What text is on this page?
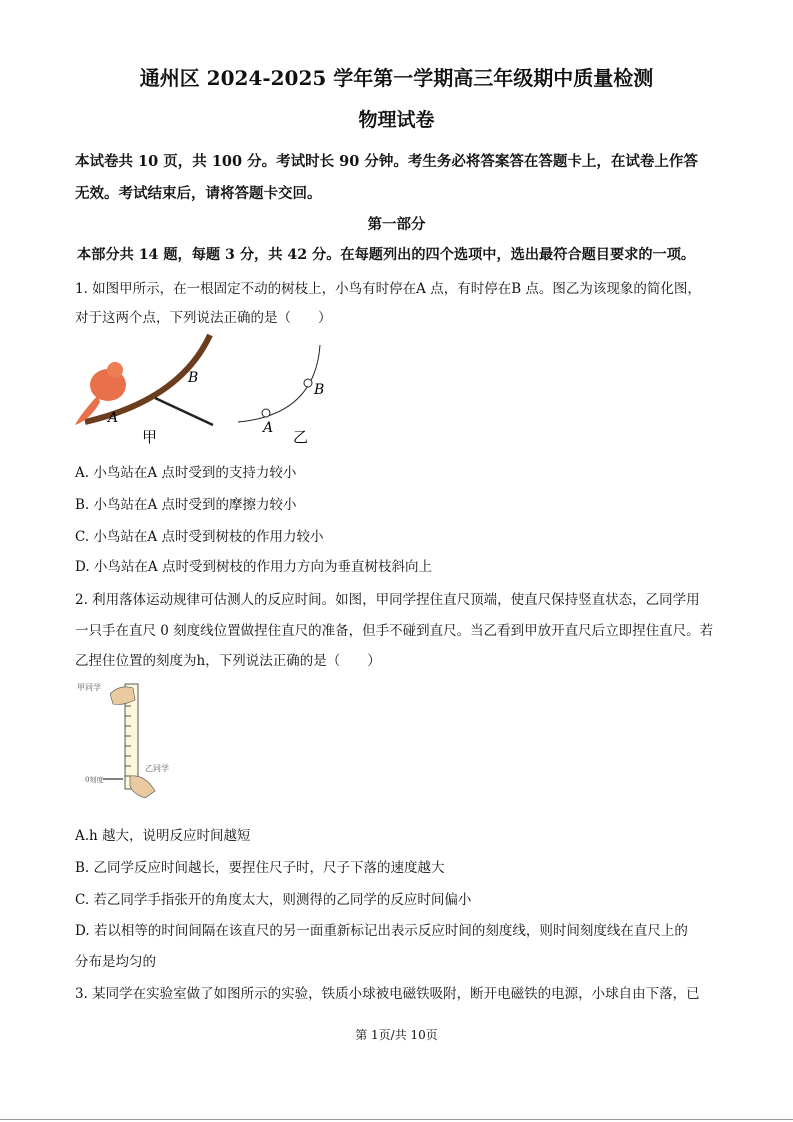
通州区 2024-2025 学年第一学期高三年级期中质量检测
物理试卷
本试卷共 10 页，共 100 分。考试时长 90 分钟。考生务必将答案答在答题卡上，在试卷上作答
无效。考试结束后，请将答题卡交回。
第一部分
本部分共 14 题，每题 3 分，共 42 分。在每题列出的四个选项中，选出最符合题目要求的一项。
1. 如图甲所示，在一根固定不动的树枝上，小鸟有时停在A 点，有时停在B 点。图乙为该现象的简化图，
对于这两个点，下列说法正确的是（　　）
B
A
甲
B
A 乙
A. 小鸟站在A 点时受到的支持力较小
B. 小鸟站在A 点时受到的摩擦力较小
C. 小鸟站在A 点时受到树枝的作用力较小
D. 小鸟站在A 点时受到树枝的作用力方向为垂直树枝斜向上
2. 利用落体运动规律可估测人的反应时间。如图，甲同学捏住直尺顶端，使直尺保持竖直状态，乙同学用
一只手在直尺 0 刻度线位置做捏住直尺的准备，但手不碰到直尺。当乙看到甲放开直尺后立即捏住直尺。若
乙捏住位置的刻度为h，下列说法正确的是（　　）
甲同学
乙同学
0刻度
A.h 越大，说明反应时间越短
B. 乙同学反应时间越长，要捏住尺子时，尺子下落的速度越大
C. 若乙同学手指张开的角度太大，则测得的乙同学的反应时间偏小
D. 若以相等的时间间隔在该直尺的另一面重新标记出表示反应时间的刻度线，则时间刻度线在直尺上的
分布是均匀的
3. 某同学在实验室做了如图所示的实验，铁质小球被电磁铁吸附，断开电磁铁的电源，小球自由下落，已
第 1页/共 10页
